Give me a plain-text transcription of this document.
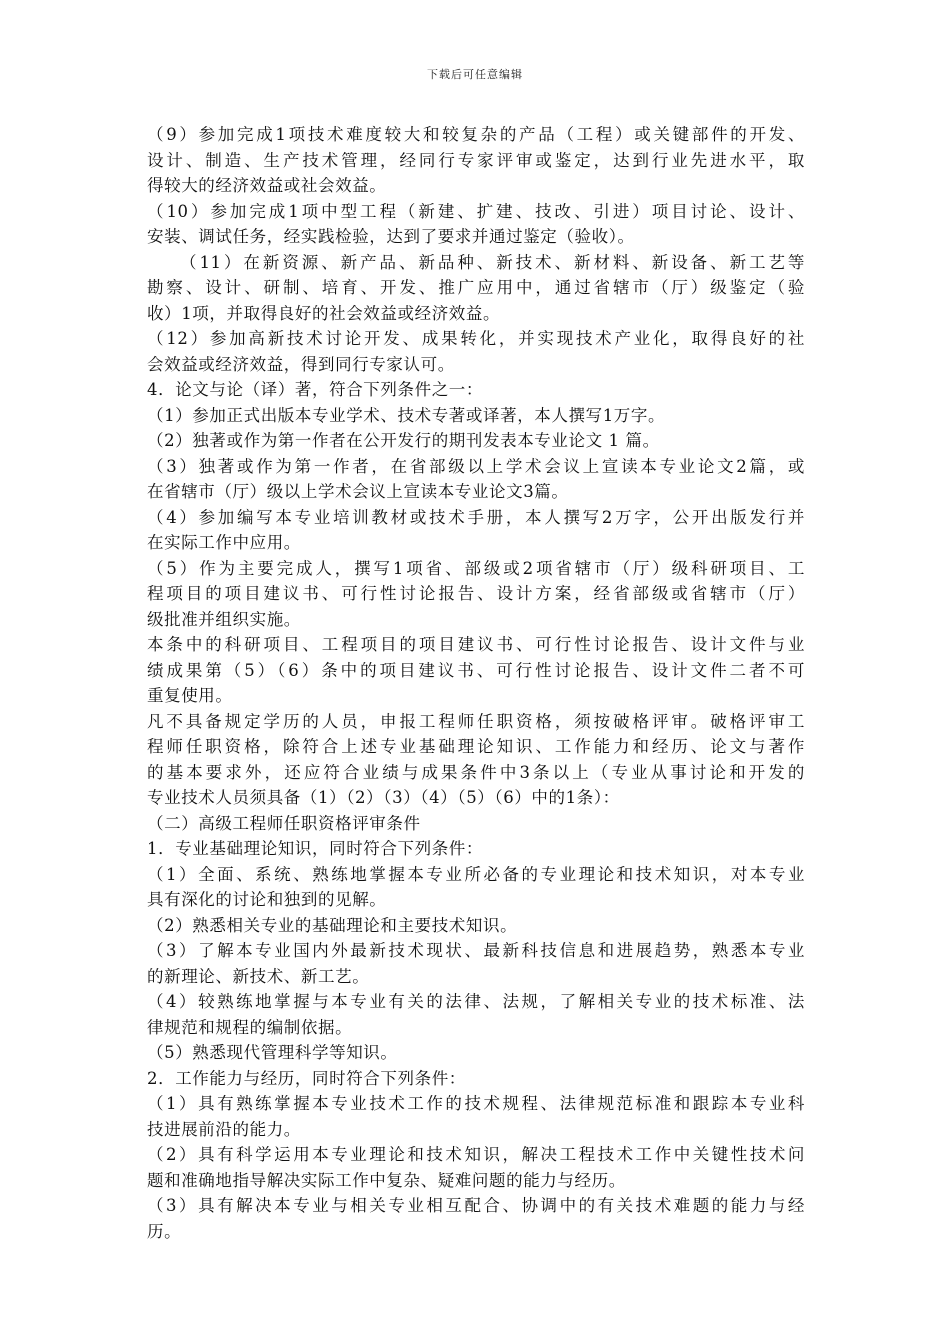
下载后可任意编辑
（9）参加完成1项技术难度较大和较复杂的产品（工程）或关键部件的开发、
设计、制造、生产技术管理，经同行专家评审或鉴定，达到行业先进水平，取
得较大的经济效益或社会效益。
（10）参加完成1项中型工程（新建、扩建、技改、引进）项目讨论、设计、
安装、调试任务，经实践检验，达到了要求并通过鉴定（验收）。
（11）在新资源、新产品、新品种、新技术、新材料、新设备、新工艺等
勘察、设计、研制、培育、开发、推广应用中，通过省辖市（厅）级鉴定（验
收）1项，并取得良好的社会效益或经济效益。
（12）参加高新技术讨论开发、成果转化，并实现技术产业化，取得良好的社
会效益或经济效益，得到同行专家认可。
4．论文与论（译）著，符合下列条件之一：
（1）参加正式出版本专业学术、技术专著或译著，本人撰写1万字。
（2）独著或作为第一作者在公开发行的期刊发表本专业论文 1 篇。
（3）独著或作为第一作者，在省部级以上学术会议上宣读本专业论文2篇，或
在省辖市（厅）级以上学术会议上宣读本专业论文3篇。
（4）参加编写本专业培训教材或技术手册，本人撰写2万字，公开出版发行并
在实际工作中应用。
（5）作为主要完成人，撰写1项省、部级或2项省辖市（厅）级科研项目、工
程项目的项目建议书、可行性讨论报告、设计方案，经省部级或省辖市（厅）
级批准并组织实施。
本条中的科研项目、工程项目的项目建议书、可行性讨论报告、设计文件与业
绩成果第（5）（6）条中的项目建议书、可行性讨论报告、设计文件二者不可
重复使用。
凡不具备规定学历的人员，申报工程师任职资格，须按破格评审。破格评审工
程师任职资格，除符合上述专业基础理论知识、工作能力和经历、论文与著作
的基本要求外，还应符合业绩与成果条件中3条以上（专业从事讨论和开发的
专业技术人员须具备（1）（2）（3）（4）（5）（6）中的1条）：
（二）高级工程师任职资格评审条件
1．专业基础理论知识，同时符合下列条件：
（1）全面、系统、熟练地掌握本专业所必备的专业理论和技术知识，对本专业
具有深化的讨论和独到的见解。
（2）熟悉相关专业的基础理论和主要技术知识。
（3）了解本专业国内外最新技术现状、最新科技信息和进展趋势，熟悉本专业
的新理论、新技术、新工艺。
（4）较熟练地掌握与本专业有关的法律、法规，了解相关专业的技术标准、法
律规范和规程的编制依据。
（5）熟悉现代管理科学等知识。
2．工作能力与经历，同时符合下列条件：
（1）具有熟练掌握本专业技术工作的技术规程、法律规范标准和跟踪本专业科
技进展前沿的能力。
（2）具有科学运用本专业理论和技术知识，解决工程技术工作中关键性技术问
题和准确地指导解决实际工作中复杂、疑难问题的能力与经历。
（3）具有解决本专业与相关专业相互配合、协调中的有关技术难题的能力与经
历。
